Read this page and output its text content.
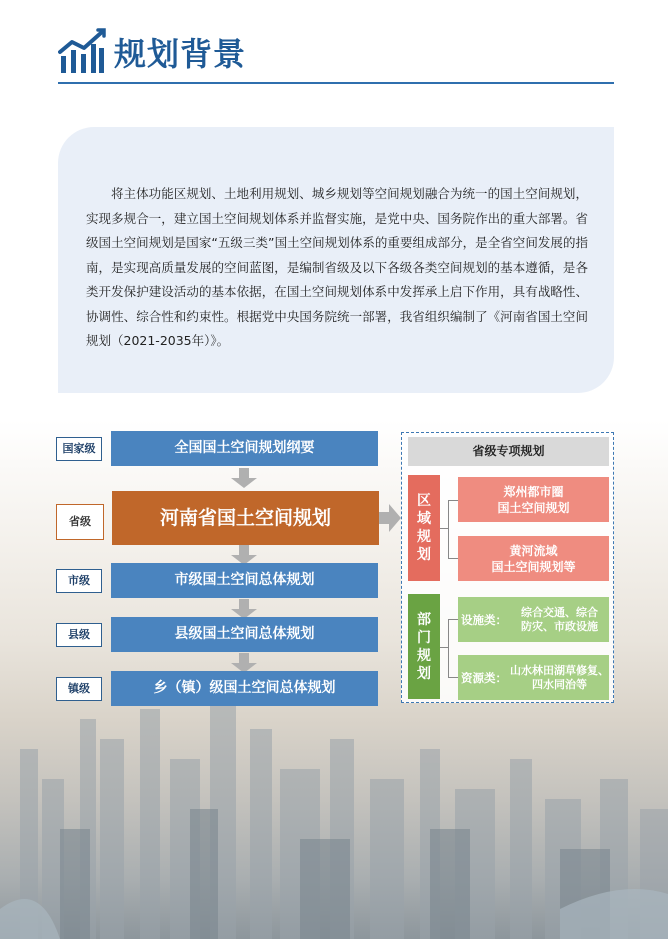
规划背景

将主体功能区规划、土地利用规划、城乡规划等空间规划融合为统一的国土空间规划，实现多规合一，建立国土空间规划体系并监督实施，是党中央、国务院作出的重大部署。省级国土空间规划是国家“五级三类”国土空间规划体系的重要组成部分，是全省空间发展的指南，是实现高质量发展的空间蓝图，是编制省级及以下各级各类空间规划的基本遵循，是各类开发保护建设活动的基本依据，在国土空间规划体系中发挥承上启下作用，具有战略性、协调性、综合性和约束性。根据党中央国务院统一部署，我省组织编制了《河南省国土空间规划（2021-2035年）》。

国家级	全国国土空间规划纲要
省级	河南省国土空间规划
市级	市级国土空间总体规划
县级	县级国土空间总体规划
镇级	乡（镇）级国土空间总体规划
省级专项规划
区域规划
郑州都市圈
国土空间规划
黄河流域
国土空间规划等
部门规划
设施类：
综合交通、综合
防灾、市政设施
资源类：
山水林田湖草修复、
四水同治等
